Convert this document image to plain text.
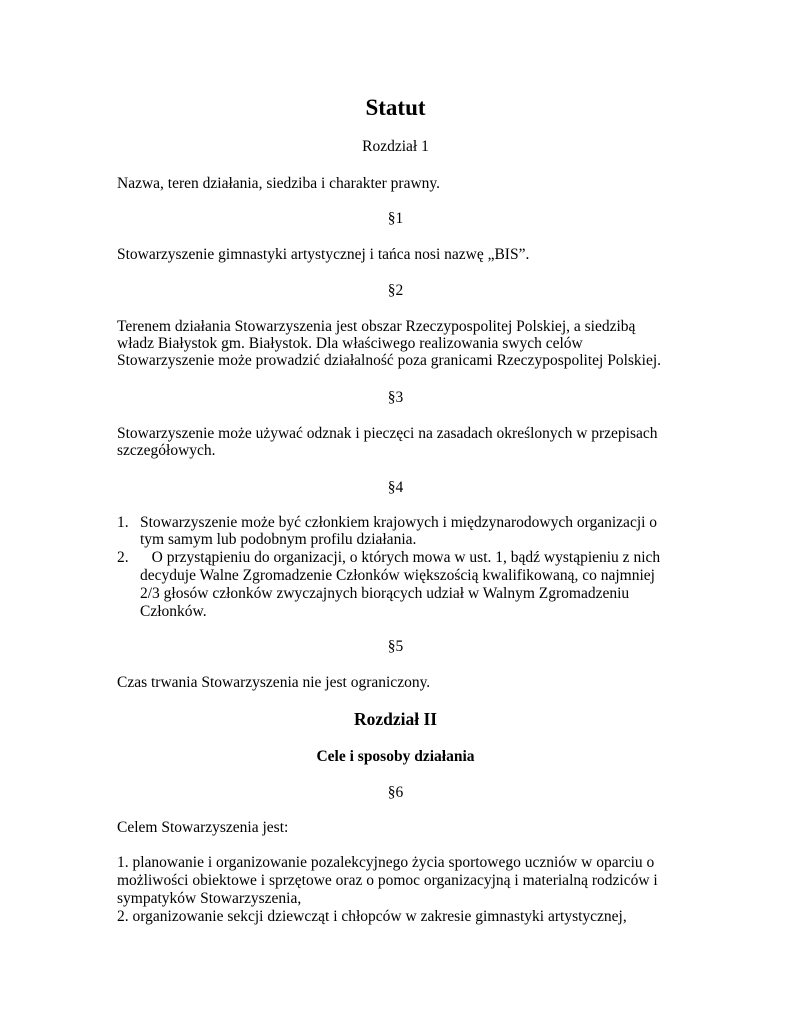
Statut
Rozdział 1
Nazwa, teren działania, siedziba i charakter prawny.
§1
Stowarzyszenie gimnastyki artystycznej i tańca nosi nazwę „BIS”.
§2
Terenem działania Stowarzyszenia jest obszar Rzeczypospolitej Polskiej, a siedzibą
władz Białystok gm. Białystok. Dla właściwego realizowania swych celów
Stowarzyszenie może prowadzić działalność poza granicami Rzeczypospolitej Polskiej.
§3
Stowarzyszenie może używać odznak i pieczęci na zasadach określonych w przepisach
szczegółowych.
§4
1. Stowarzyszenie może być członkiem krajowych i międzynarodowych organizacji o
tym samym lub podobnym profilu działania.
2. O przystąpieniu do organizacji, o których mowa w ust. 1, bądź wystąpieniu z nich
decyduje Walne Zgromadzenie Członków większością kwalifikowaną, co najmniej
2/3 głosów członków zwyczajnych biorących udział w Walnym Zgromadzeniu
Członków.
§5
Czas trwania Stowarzyszenia nie jest ograniczony.
Rozdział II
Cele i sposoby działania
§6
Celem Stowarzyszenia jest:
1. planowanie i organizowanie pozalekcyjnego życia sportowego uczniów w oparciu o
możliwości obiektowe i sprzętowe oraz o pomoc organizacyjną i materialną rodziców i
sympatyków Stowarzyszenia,
2. organizowanie sekcji dziewcząt i chłopców w zakresie gimnastyki artystycznej,
